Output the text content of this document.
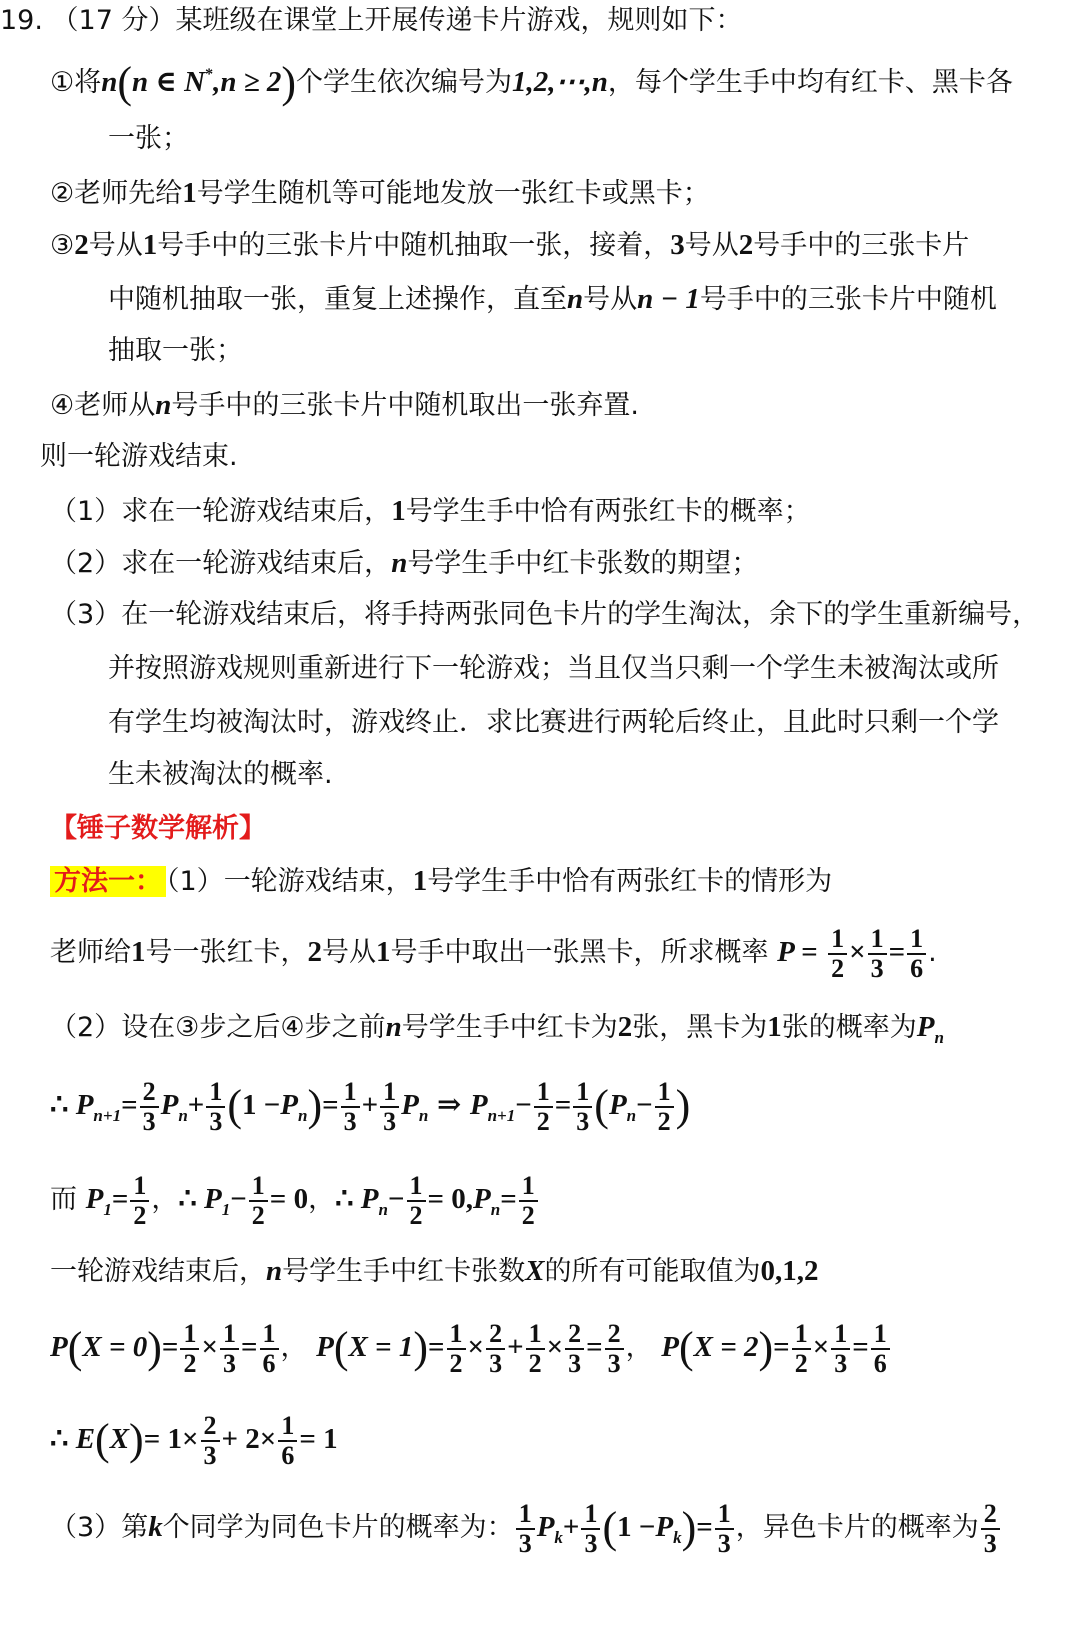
19. （17 分）某班级在课堂上开展传递卡片游戏，规则如下：
①将n(n ∈ N*,n ≥ 2)个学生依次编号为1,2,⋯,n，每个学生手中均有红卡、黑卡各
一张；
②老师先给1号学生随机等可能地发放一张红卡或黑卡；
③2号从1号手中的三张卡片中随机抽取一张，接着，3号从2号手中的三张卡片
中随机抽取一张，重复上述操作，直至n号从n − 1号手中的三张卡片中随机
抽取一张；
④老师从n号手中的三张卡片中随机取出一张弃置.
则一轮游戏结束.
（1）求在一轮游戏结束后，1号学生手中恰有两张红卡的概率；
（2）求在一轮游戏结束后，n号学生手中红卡张数的期望；
（3）在一轮游戏结束后，将手持两张同色卡片的学生淘汰，余下的学生重新编号，
并按照游戏规则重新进行下一轮游戏；当且仅当只剩一个学生未被淘汰或所
有学生均被淘汰时，游戏终止．求比赛进行两轮后终止，且此时只剩一个学
生未被淘汰的概率.
【锤子数学解析】
方法一： （1）一轮游戏结束，1号学生手中恰有两张红卡的情形为
老师给1号一张红卡，2号从1号手中取出一张黑卡，所求概率 $P = \frac{1}{2} \times \frac{1}{3} = \frac{1}{6}$ .
（2）设在③步之后④步之前n号学生手中红卡为2张，黑卡为1张的概率为$P_n$
∴ $P_{n+1}= \frac{2}{3} P_n+ \frac{1}{3} (1 -P_n)= \frac{1}{3} + \frac{1}{3} P_n$ ⇒ $P_{n+1}- \frac{1}{2} = \frac{1}{3} (P_n- \frac{1}{2}$ )
而 $P_1= \frac{1}{2}$ ，∴ $P_1- \frac{1}{2} = 0$，∴ $P_n- \frac{1}{2} = 0,P_n= \frac{1}{2}$
一轮游戏结束后，n号学生手中红卡张数X的所有可能取值为0,1,2
$P(X = 0)= \frac{1}{2} \times \frac{1}{3} = \frac{1}{6}$ ， $P(X = 1)= \frac{1}{2} \times \frac{2}{3} + \frac{1}{2} \times \frac{2}{3} = \frac{2}{3}$ ， $P(X = 2)= \frac{1}{2} \times \frac{1}{3} = \frac{1}{6}$
∴ $E(X)= 1\times \frac{2}{3} + 2\times \frac{1}{6} = 1$
（3）第k个同学为同色卡片的概率为： $\frac{1}{3} P_k+ \frac{1}{3} (1 -P_k)= \frac{1}{3}$ ，异色卡片的概率为 $\frac{2}{3}$
